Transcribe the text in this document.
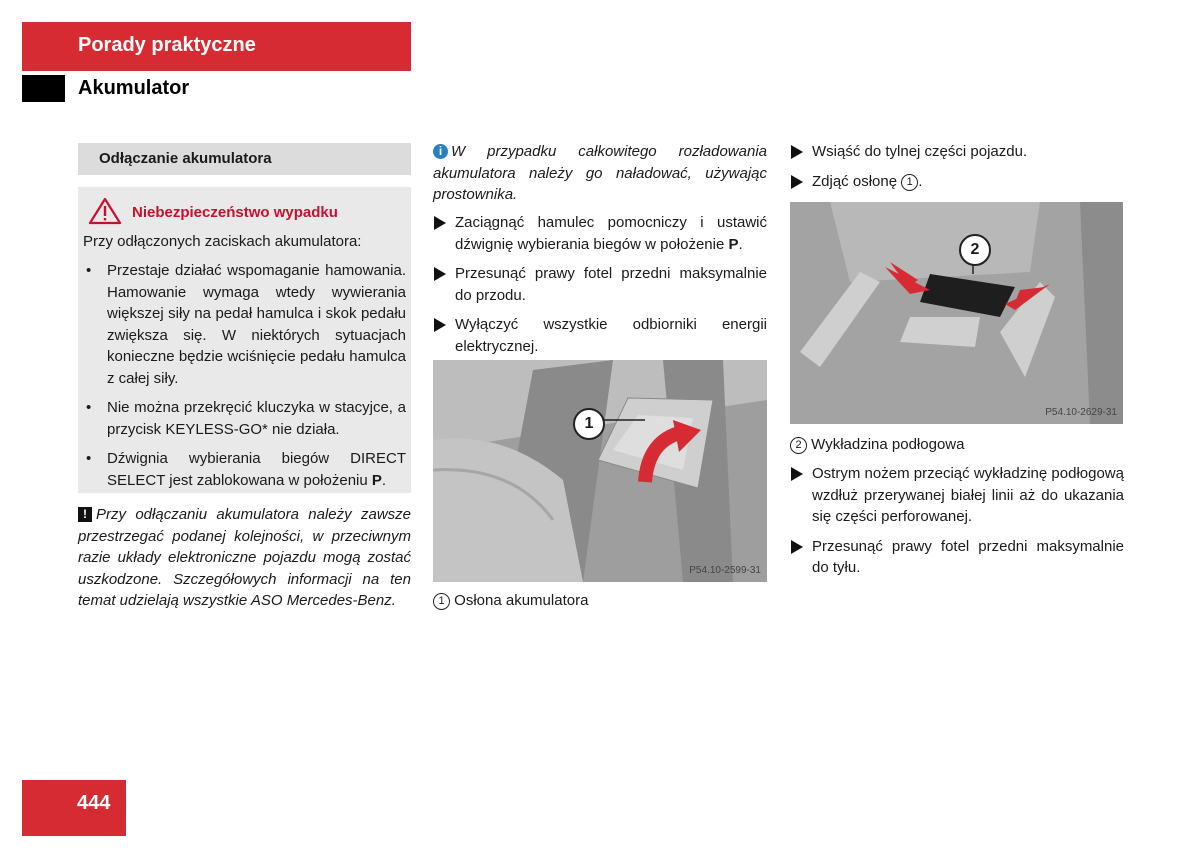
Porady praktyczne
Akumulator
Odłączanie akumulatora
Niebezpieczeństwo wypadku
Przy odłączonych zaciskach akumulatora:
• Przestaje działać wspomaganie hamowania. Hamowanie wymaga wtedy wywierania większej siły na pedał hamulca i skok pedału zwiększa się. W niektórych sytuacjach konieczne będzie wciśnięcie pedału hamulca z całej siły.
• Nie można przekręcić kluczyka w stacyjce, a przycisk KEYLESS-GO* nie działa.
• Dźwignia wybierania biegów DIRECT SELECT jest zablokowana w położeniu P.
! Przy odłączaniu akumulatora należy zawsze przestrzegać podanej kolejności, w przeciwnym razie układy elektroniczne pojazdu mogą zostać uszkodzone. Szczegółowych informacji na ten temat udzielają wszystkie ASO Mercedes-Benz.
i W przypadku całkowitego rozładowania akumulatora należy go naładować, używając prostownika.
Zaciągnąć hamulec pomocniczy i ustawić dźwignię wybierania biegów w położenie P.
Przesunąć prawy fotel przedni maksymalnie do przodu.
Wyłączyć wszystkie odbiorniki energii elektrycznej.
1
P54.10-2599-31
1 Osłona akumulatora
Wsiąść do tylnej części pojazdu.
Zdjąć osłonę 1 .
2
P54.10-2629-31
2 Wykładzina podłogowa
Ostrym nożem przeciąć wykładzinę podłogową wzdłuż przerywanej białej linii aż do ukazania się części perforowanej.
Przesunąć prawy fotel przedni maksymalnie do tyłu.
444
